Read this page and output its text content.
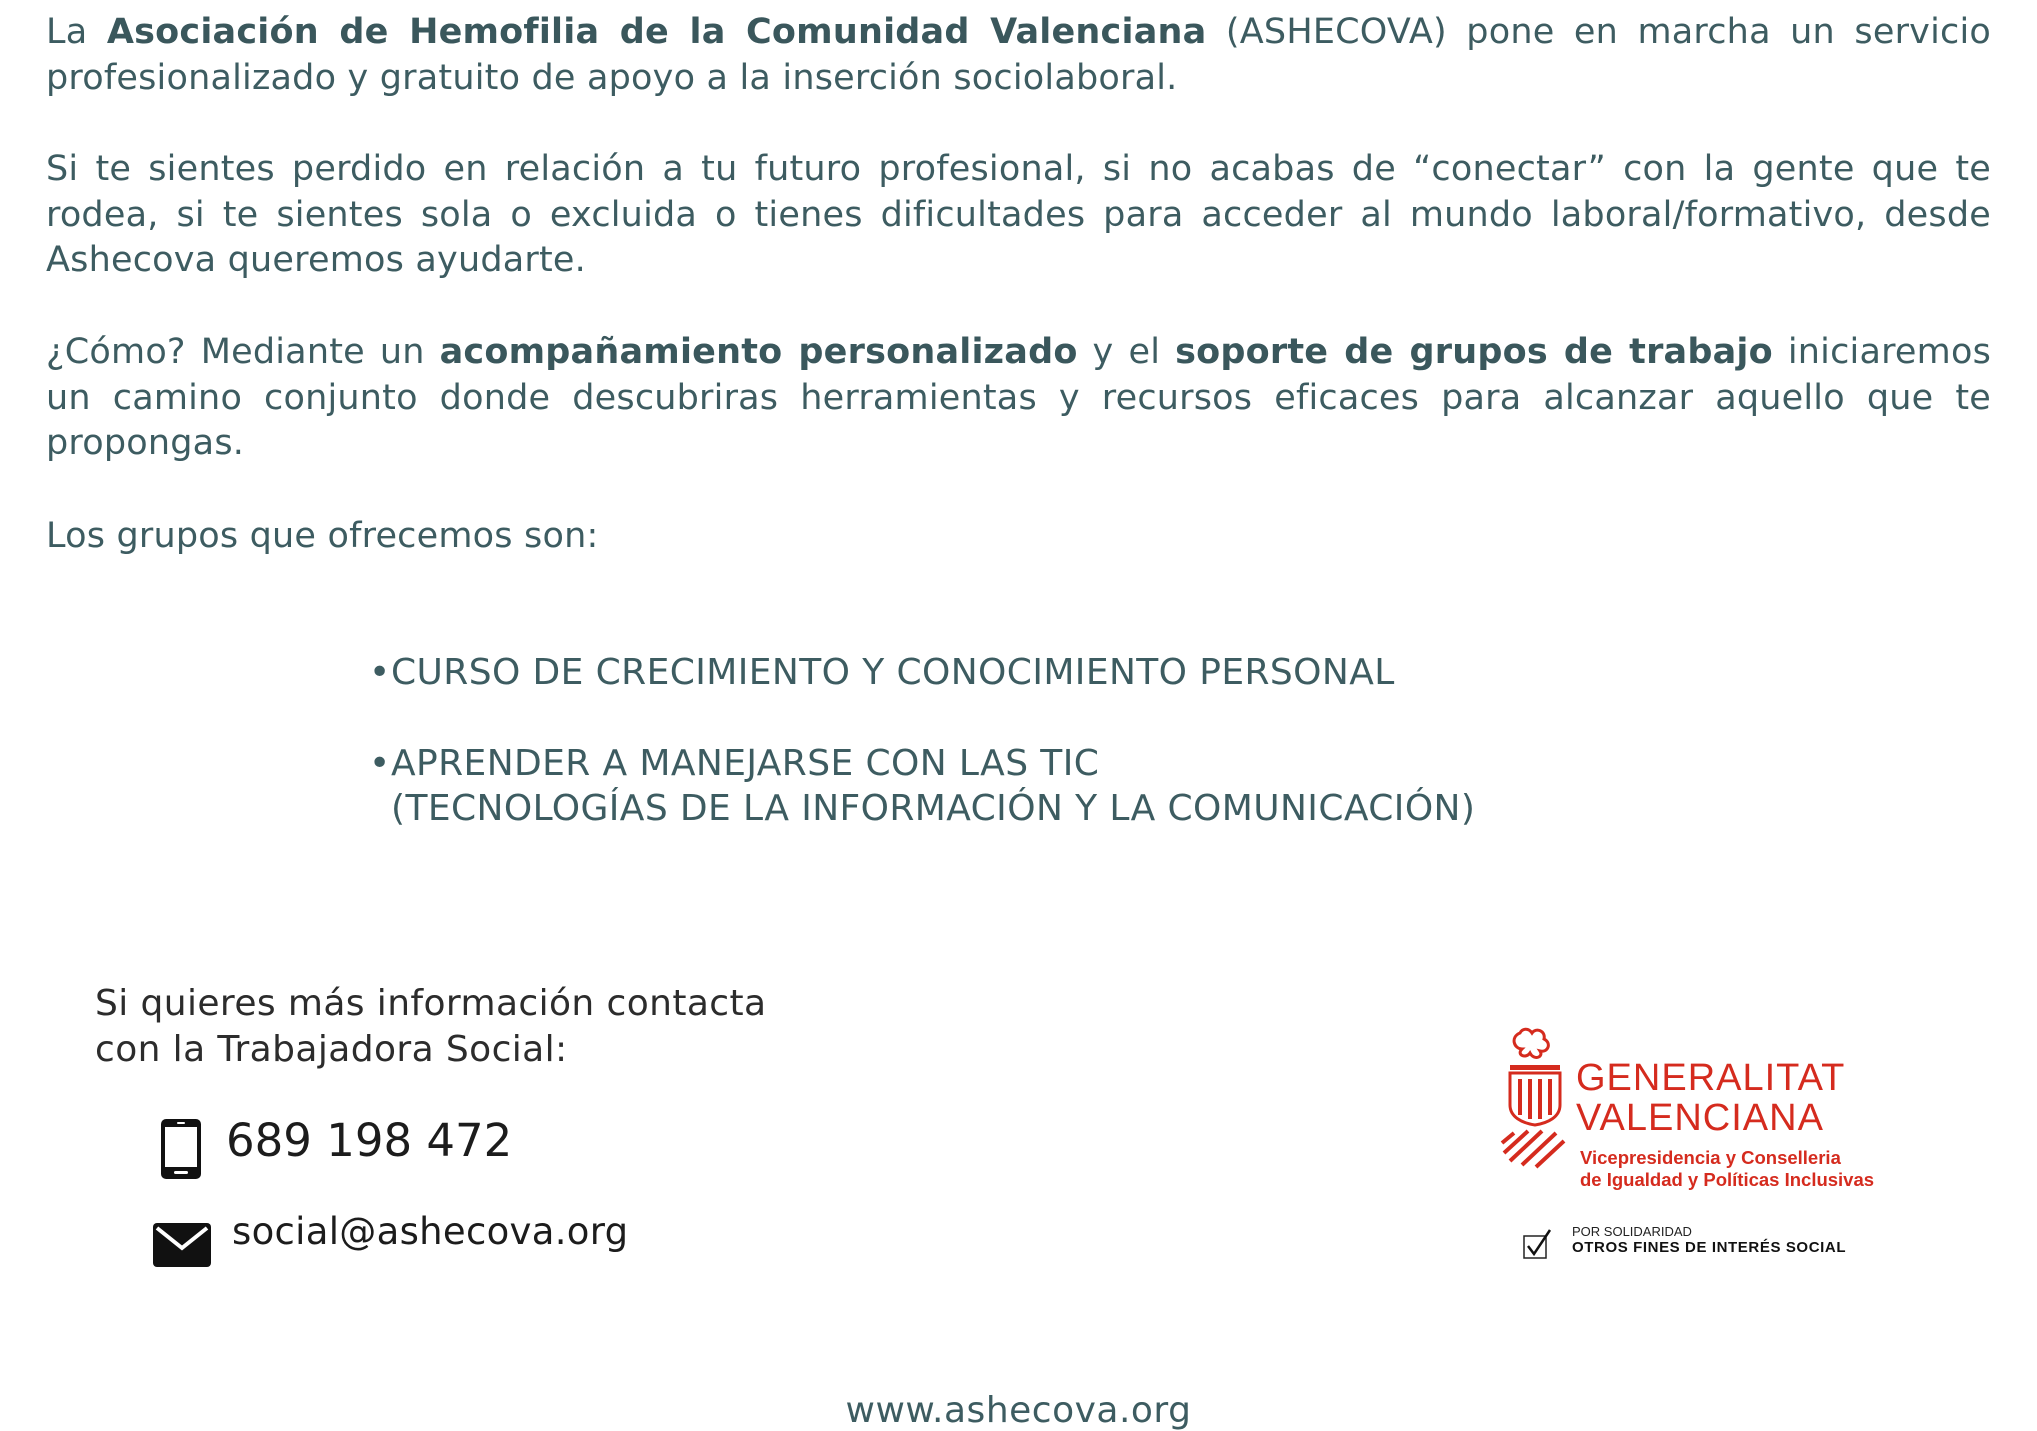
La Asociación de Hemofilia de la Comunidad Valenciana (ASHECOVA) pone en marcha un servicio profesionalizado y gratuito de apoyo a la inserción sociolaboral.
Si te sientes perdido en relación a tu futuro profesional, si no acabas de “conectar” con la gente que te rodea, si te sientes sola o excluida o tienes dificultades para acceder al mundo laboral/formativo, desde Ashecova queremos ayudarte.
¿Cómo? Mediante un acompañamiento personalizado y el soporte de grupos de trabajo iniciaremos un camino conjunto donde descubriras herramientas y recursos eficaces para alcanzar aquello que te propongas.
Los grupos que ofrecemos son:
•CURSO DE CRECIMIENTO Y CONOCIMIENTO PERSONAL
•APRENDER A MANEJARSE CON LAS TIC
(TECNOLOGÍAS DE LA INFORMACIÓN Y LA COMUNICACIÓN)
Si quieres más información contacta
con la Trabajadora Social:
689 198 472
social@ashecova.org
GENERALITAT
VALENCIANA
Vicepresidencia y Conselleria
de Igualdad y Políticas Inclusivas
POR SOLIDARIDAD
OTROS FINES DE INTERÉS SOCIAL
www.ashecova.org
